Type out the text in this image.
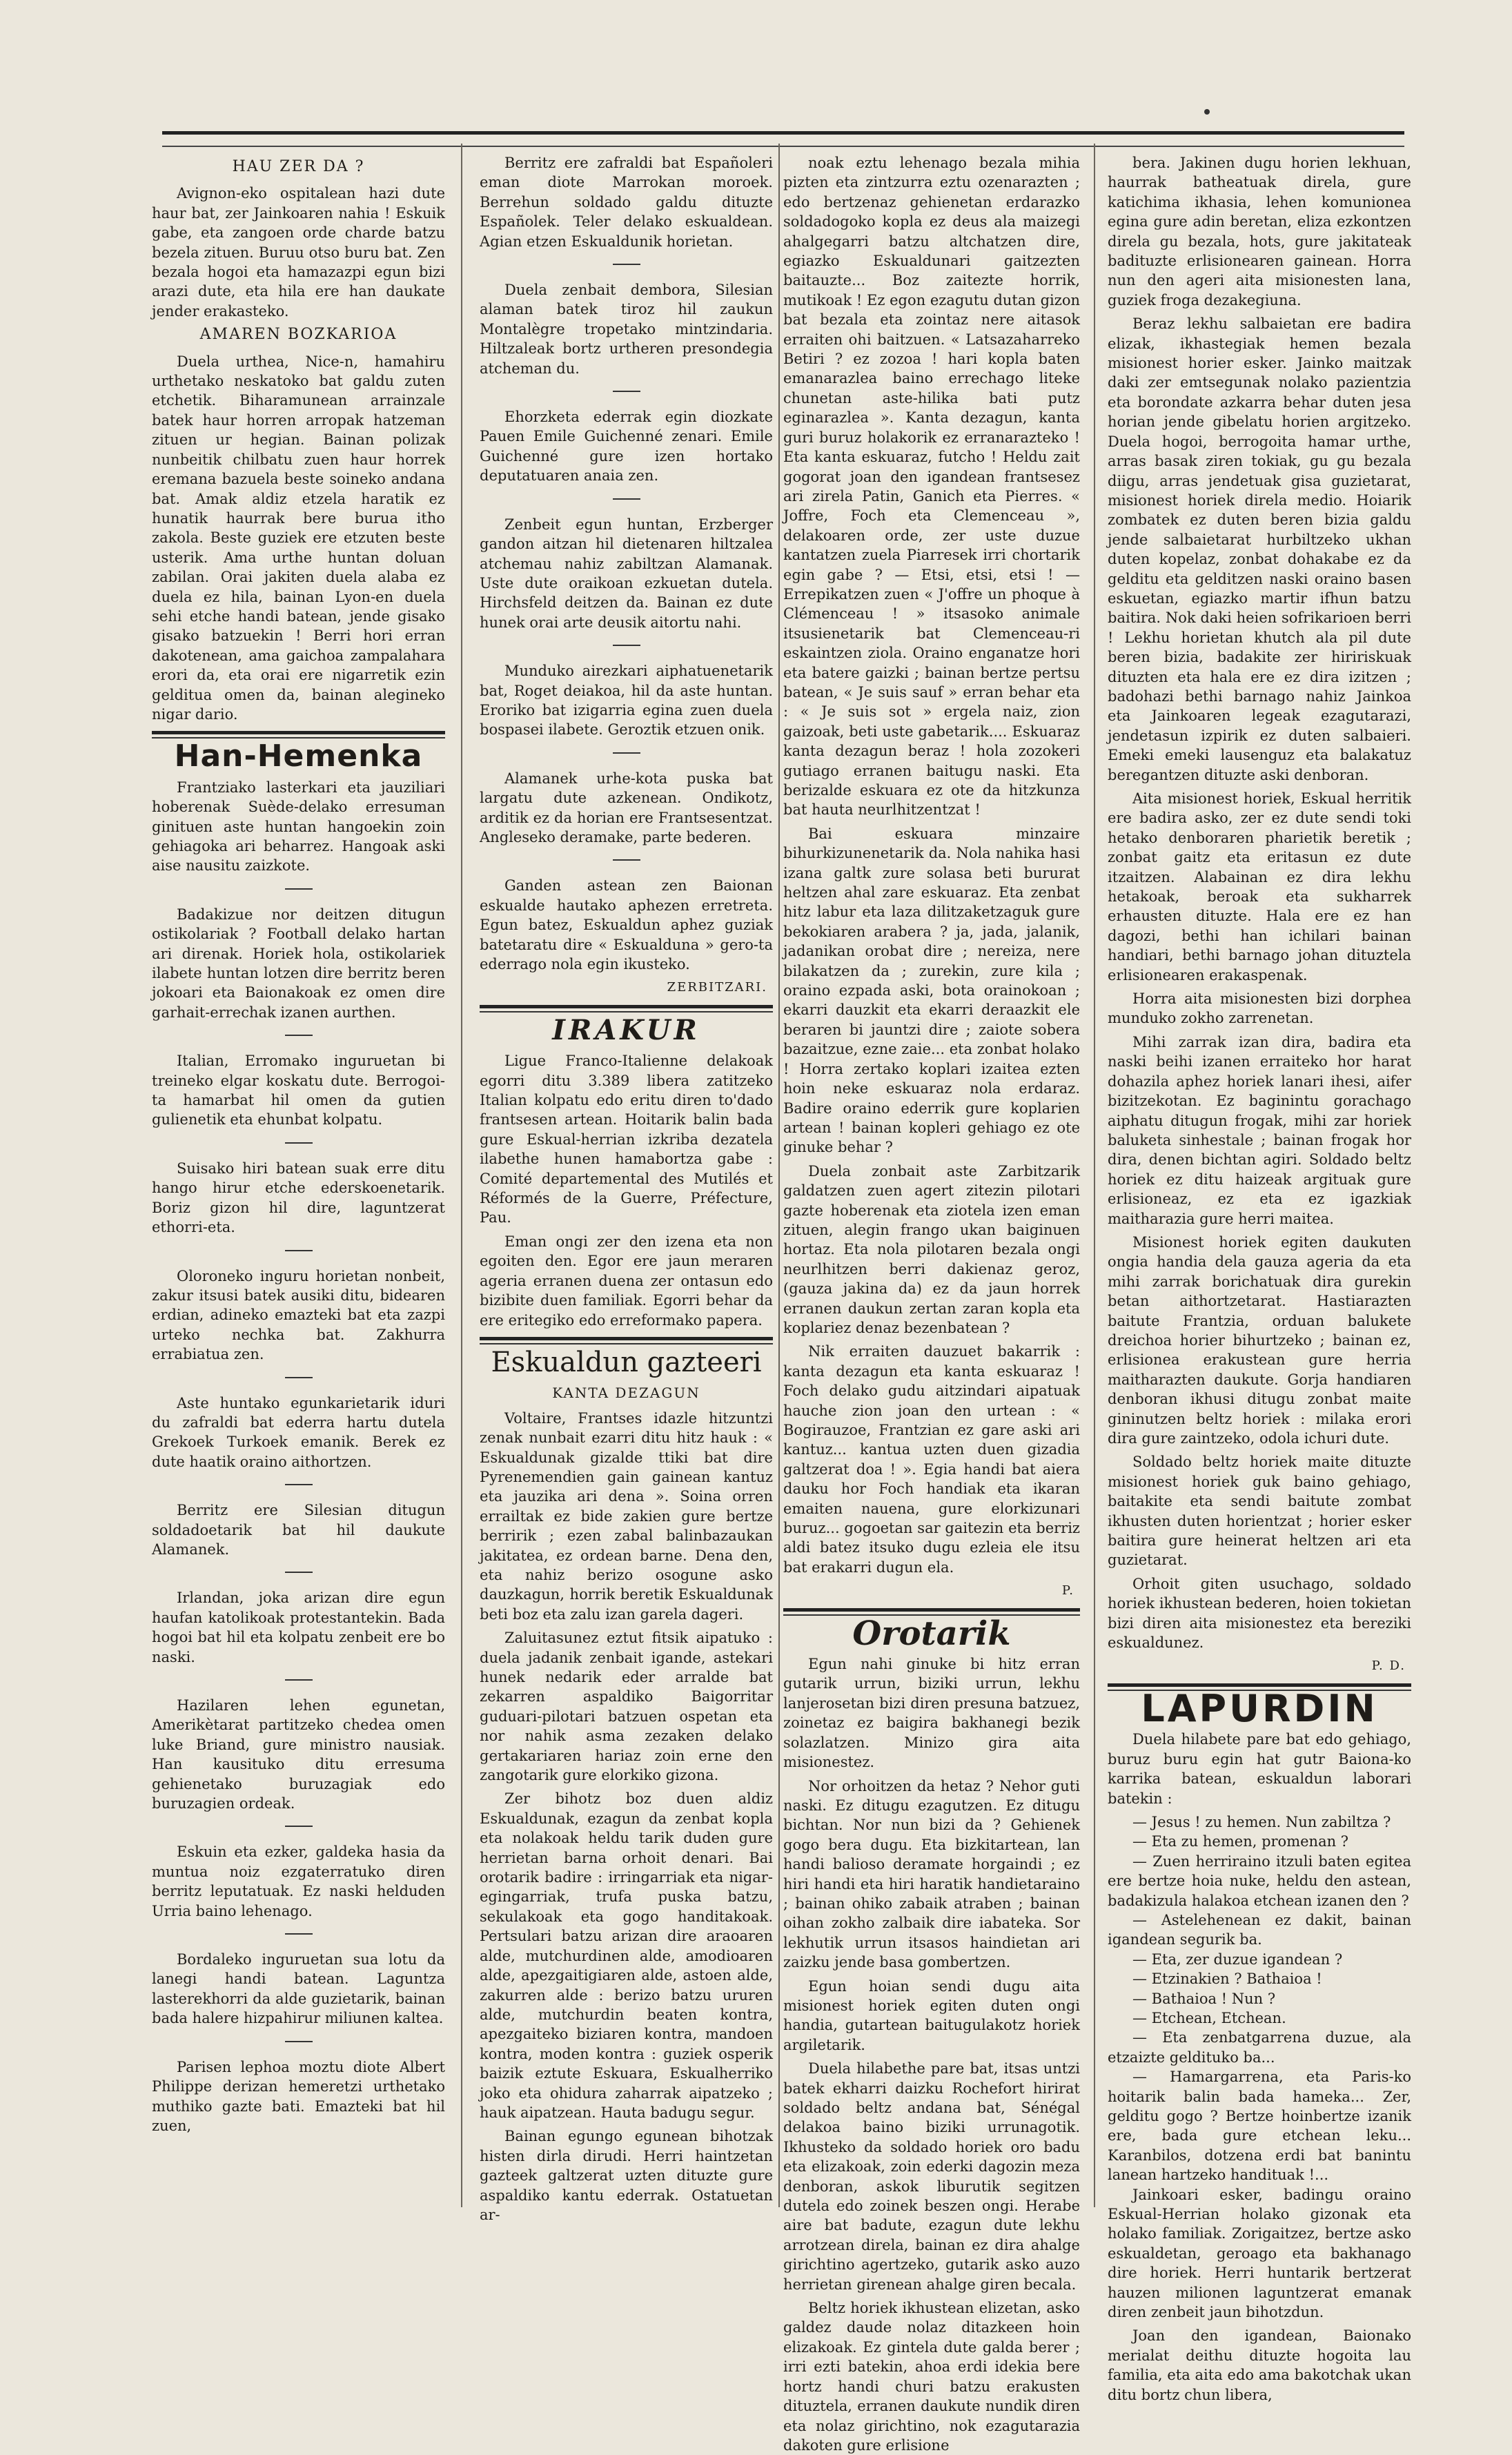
HAU ZER DA ?

Avignon-eko ospitalean hazi dute haur bat, zer Jainkoaren nahia ! Eskuik gabe, eta zangoen orde charde batzu bezela zituen. Buruu otso buru bat. Zen bezala hogoi eta hamazazpi egun bizi arazi dute, eta hila ere han daukate jender erakasteko.

AMAREN BOZKARIOA

Duela urthea, Nice-n, hamahiru urthetako neskatoko bat galdu zuten etchetik. Biharamunean arrainzale batek haur horren arropak hatzeman zituen ur hegian. Bainan polizak nunbeitik chilbatu zuen haur horrek eremana bazuela beste soineko andana bat. Amak aldiz etzela haratik ez hunatik haurrak bere burua itho zakola. Beste guziek ere etzuten beste usterik. Ama urthe huntan doluan zabilan. Orai jakiten duela alaba ez duela ez hila, bainan Lyon-en duela sehi etche handi batean, jende gisako gisako batzuekin ! Berri hori erran dakotenean, ama gaichoa zampalahara erori da, eta orai ere nigarretik ezin gelditua omen da, bainan alegineko nigar dario.

Han-Hemenka

Frantziako lasterkari eta jauziliari hoberenak Suède-delako erresuman ginituen aste huntan hangoekin zoin gehiagoka ari beharrez. Hangoak aski aise nausitu zaizkote.

Badakizue nor deitzen ditugun ostikolariak ? Football delako hartan ari direnak. Horiek hola, ostikolariek ilabete huntan lotzen dire berritz beren jokoari eta Baionakoak ez omen dire garhait-errechak izanen aurthen.

Italian, Erromako inguruetan bi treineko elgar koskatu dute. Berrogoi-ta hamarbat hil omen da gutien gulienetik eta ehunbat kolpatu.

Suisako hiri batean suak erre ditu hango hirur etche ederskoenetarik. Boriz gizon hil dire, laguntzerat ethorri-eta.

Oloroneko inguru horietan nonbeit, zakur itsusi batek ausiki ditu, bidearen erdian, adineko emazteki bat eta zazpi urteko nechka bat. Zakhurra errabiatua zen.

Aste huntako egunkarietarik iduri du zafraldi bat ederra hartu dutela Grekoek Turkoek emanik. Berek ez dute haatik oraino aithortzen.

Berritz ere Silesian ditugun soldadoetarik bat hil daukute Alamanek.

Irlandan, joka arizan dire egun haufan katolikoak protestantekin. Bada hogoi bat hil eta kolpatu zenbeit ere bo naski.

Hazilaren lehen egunetan, Amerikètarat partitzeko chedea omen luke Briand, gure ministro nausiak. Han kausituko ditu erresuma gehienetako buruzagiak edo buruzagien ordeak.

Eskuin eta ezker, galdeka hasia da muntua noiz ezgaterratuko diren berritz leputatuak. Ez naski helduden Urria baino lehenago.

Bordaleko inguruetan sua lotu da lanegi handi batean. Laguntza lasterekhorri da alde guzietarik, bainan bada halere hizpahirur miliunen kaltea.

Parisen lephoa moztu diote Albert Philippe derizan hemeretzi urthetako muthiko gazte bati. Emazteki bat hil zuen,

Berritz ere zafraldi bat Españoleri eman diote Marrokan moroek. Berrehun soldado galdu dituzte Españolek. Teler delako eskualdean. Agian etzen Eskualdunik horietan.

Duela zenbait dembora, Silesian alaman batek tiroz hil zaukun Montalègre tropetako mintzindaria. Hiltzaleak bortz urtheren presondegia atcheman du.

Ehorzketa ederrak egin diozkate Pauen Emile Guichenné zenari. Emile Guichenné gure izen hortako deputatuaren anaia zen.

Zenbeit egun huntan, Erzberger gandon aitzan hil dietenaren hiltzalea atchemau nahiz zabiltzan Alamanak. Uste dute oraikoan ezkuetan dutela. Hirchsfeld deitzen da. Bainan ez dute hunek orai arte deusik aitortu nahi.

Munduko airezkari aiphatuenetarik bat, Roget deiakoa, hil da aste huntan. Eroriko bat izigarria egina zuen duela bospasei ilabete. Geroztik etzuen onik.

Alamanek urhe-kota puska bat largatu dute azkenean. Ondikotz, arditik ez da horian ere Frantsesentzat. Angleseko deramake, parte bederen.

Ganden astean zen Baionan eskualde hautako aphezen erretreta. Egun batez, Eskualdun aphez guziak batetaratu dire « Eskualduna » gero-ta ederrago nola egin ikusteko.

ZERBITZARI.

IRAKUR

Ligue Franco-Italienne delakoak egorri ditu 3.389 libera zatitzeko Italian kolpatu edo eritu diren to'dado frantsesen artean. Hoitarik balin bada gure Eskual-herrian izkriba dezatela ilabethe hunen hamabortza gabe : Comité departemental des Mutilés et Réformés de la Guerre, Préfecture, Pau.

Eman ongi zer den izena eta non egoiten den. Egor ere jaun meraren ageria erranen duena zer ontasun edo bizibite duen familiak. Egorri behar da ere eritegiko edo erreformako papera.

Eskualdun gazteeri

KANTA DEZAGUN

Voltaire, Frantses idazle hitzuntzi zenak nunbait ezarri ditu hitz hauk : « Eskualdunak gizalde ttiki bat dire Pyrenemendien gain gainean kantuz eta jauzika ari dena ». Soina orren errailtak ez bide zakien gure bertze berririk ; ezen zabal balinbazaukan jakitatea, ez ordean barne. Dena den, eta nahiz berizo osogune asko dauzkagun, horrik beretik Eskualdunak beti boz eta zalu izan garela dageri.

Zaluitasunez eztut fitsik aipatuko : duela jadanik zenbait igande, astekari hunek nedarik eder arralde bat zekarren aspaldiko Baigorritar guduari-pilotari batzuen ospetan eta nor nahik asma zezaken delako gertakariaren hariaz zoin erne den zangotarik gure elorkiko gizona.

Zer bihotz boz duen aldiz Eskualdunak, ezagun da zenbat kopla eta nolakoak heldu tarik duden gure herrietan barna orhoit denari. Bai orotarik badire : irringarriak eta nigar-egingarriak, trufa puska batzu, sekulakoak eta gogo handitakoak. Pertsulari batzu arizan dire araoaren alde, mutchurdinen alde, amodioaren alde, apezgaitigiaren alde, astoen alde, zakurren alde : berizo batzu ururen alde, mutchurdin beaten kontra, apezgaiteko biziaren kontra, mandoen kontra, moden kontra : guziek osperik baizik eztute Eskuara, Eskualherriko joko eta ohidura zaharrak aipatzeko ; hauk aipatzean. Hauta badugu segur.

Bainan egungo egunean bihotzak histen dirla dirudi. Herri haintzetan gazteek galtzerat uzten dituzte gure aspaldiko kantu ederrak. Ostatuetan ar-

noak eztu lehenago bezala mihia pizten eta zintzurra eztu ozenarazten ; edo bertzenaz gehienetan erdarazko soldadogoko kopla ez deus ala maizegi ahalgegarri batzu altchatzen dire, egiazko Eskualdunari gaitzezten baitauzte... Boz zaitezte horrik, mutikoak ! Ez egon ezagutu dutan gizon bat bezala eta zointaz nere aitasok erraiten ohi baitzuen. « Latsazaharreko Betiri ? ez zozoa ! hari kopla baten emanarazlea baino errechago liteke chunetan aste-hilika bati putz eginarazlea ». Kanta dezagun, kanta guri buruz holakorik ez erranarazteko ! Eta kanta eskuaraz, futcho ! Heldu zait gogorat joan den igandean frantsesez ari zirela Patin, Ganich eta Pierres. « Joffre, Foch eta Clemenceau », delakoaren orde, zer uste duzue kantatzen zuela Piarresek irri chortarik egin gabe ? — Etsi, etsi, etsi ! — Errepikatzen zuen « J'offre un phoque à Clémenceau ! » itsasoko animale itsusienetarik bat Clemenceau-ri eskaintzen ziola. Oraino enganatze hori eta batere gaizki ; bainan bertze pertsu batean, « Je suis sauf » erran behar eta : « Je suis sot » ergela naiz, zion gaizoak, beti uste gabetarik.... Eskuaraz kanta dezagun beraz ! hola zozokeri gutiago erranen baitugu naski. Eta berizalde eskuara ez ote da hitzkunza bat hauta neurlhitzentzat !

Bai eskuara minzaire bihurkizunenetarik da. Nola nahika hasi izana galtk zure solasa beti bururat heltzen ahal zare eskuaraz. Eta zenbat hitz labur eta laza dilitzaketzaguk gure bekokiaren arabera ? ja, jada, jalanik, jadanikan orobat dire ; nereiza, nere bilakatzen da ; zurekin, zure kila ; oraino ezpada aski, bota orainokoan ; ekarri dauzkit eta ekarri deraazkit ele beraren bi jauntzi dire ; zaiote sobera bazaitzue, ezne zaie... eta zonbat holako ! Horra zertako koplari izaitea ezten hoin neke eskuaraz nola erdaraz. Badire oraino ederrik gure koplarien artean ! bainan kopleri gehiago ez ote ginuke behar ?

Duela zonbait aste Zarbitzarik galdatzen zuen agert zitezin pilotari gazte hoberenak eta ziotela izen eman zituen, alegin frango ukan baiginuen hortaz. Eta nola pilotaren bezala ongi neurlhitzen berri dakienaz geroz, (gauza jakina da) ez da jaun horrek erranen daukun zertan zaran kopla eta koplariez denaz bezenbatean ?

Nik erraiten dauzuet bakarrik : kanta dezagun eta kanta eskuaraz ! Foch delako gudu aitzindari aipatuak hauche zion joan den urtean : « Bogirauzoe, Frantzian ez gare aski ari kantuz... kantua uzten duen gizadia galtzerat doa ! ». Egia handi bat aiera dauku hor Foch handiak eta ikaran emaiten nauena, gure elorkizunari buruz... gogoetan sar gaitezin eta berriz aldi batez itsuko dugu ezleia ele itsu bat erakarri dugun ela.

P.

Orotarik

Egun nahi ginuke bi hitz erran gutarik urrun, biziki urrun, lekhu lanjerosetan bizi diren presuna batzuez, zoinetaz ez baigira bakhanegi bezik solazlatzen. Minizo gira aita misionestez.

Nor orhoitzen da hetaz ? Nehor guti naski. Ez ditugu ezagutzen. Ez ditugu bichtan. Nor nun bizi da ? Gehienek gogo bera dugu. Eta bizkitartean, lan handi balioso deramate horgaindi ; ez hiri handi eta hiri haratik handietaraino ; bainan ohiko zabaik atraben ; bainan oihan zokho zalbaik dire iabateka. Sor lekhutik urrun itsasos haindietan ari zaizku jende basa gombertzen.

Egun hoian sendi dugu aita misionest horiek egiten duten ongi handia, gutartean baitugulakotz horiek argiletarik.

Duela hilabethe pare bat, itsas untzi batek ekharri daizku Rochefort hirirat soldado beltz andana bat, Sénégal delakoa baino biziki urrunagotik. Ikhusteko da soldado horiek oro badu eta elizakoak, zoin ederki dagozin meza denboran, askok liburutik segitzen dutela edo zoinek beszen ongi. Herabe aire bat badute, ezagun dute lekhu arrotzean direla, bainan ez dira ahalge girichtino agertzeko, gutarik asko auzo herrietan girenean ahalge giren becala.

Beltz horiek ikhustean elizetan, asko galdez daude nolaz ditazkeen hoin elizakoak. Ez gintela dute galda berer ; irri ezti batekin, ahoa erdi idekia bere hortz handi churi batzu erakusten dituztela, erranen daukute nundik diren eta nolaz girichtino, nok ezagutarazia dakoten gure erlisione

bera. Jakinen dugu horien lekhuan, haurrak batheatuak direla, gure katichima ikhasia, lehen komunionea egina gure adin beretan, eliza ezkontzen direla gu bezala, hots, gure jakitateak badituzte erlisionearen gainean. Horra nun den ageri aita misionesten lana, guziek froga dezakegiuna.

Beraz lekhu salbaietan ere badira elizak, ikhastegiak hemen bezala misionest horier esker. Jainko maitzak daki zer emtsegunak nolako pazientzia eta borondate azkarra behar duten jesa horian jende gibelatu horien argitzeko. Duela hogoi, berrogoita hamar urthe, arras basak ziren tokiak, gu gu bezala diigu, arras jendetuak gisa guzietarat, misionest horiek direla medio. Hoiarik zombatek ez duten beren bizia galdu jende salbaietarat hurbiltzeko ukhan duten kopelaz, zonbat dohakabe ez da gelditu eta gelditzen naski oraino basen eskuetan, egiazko martir ifhun batzu baitira. Nok daki heien sofrikarioen berri ! Lekhu horietan khutch ala pil dute beren bizia, badakite zer hiririskuak dituzten eta hala ere ez dira izitzen ; badohazi bethi barnago nahiz Jainkoa eta Jainkoaren legeak ezagutarazi, jendetasun izpirik ez duten salbaieri. Emeki emeki lausenguz eta balakatuz beregantzen dituzte aski denboran.

Aita misionest horiek, Eskual herritik ere badira asko, zer ez dute sendi toki hetako denboraren pharietik beretik ; zonbat gaitz eta eritasun ez dute itzaitzen. Alabainan ez dira lekhu hetakoak, beroak eta sukharrek erhausten dituzte. Hala ere ez han dagozi, bethi han ichilari bainan handiari, bethi barnago johan dituztela erlisionearen erakaspenak.

Horra aita misionesten bizi dorphea munduko zokho zarrenetan.

Mihi zarrak izan dira, badira eta naski beihi izanen erraiteko hor harat dohazila aphez horiek lanari ihesi, aifer bizitzekotan. Ez baginintu gorachago aiphatu ditugun frogak, mihi zar horiek baluketa sinhestale ; bainan frogak hor dira, denen bichtan agiri. Soldado beltz horiek ez ditu haizeak argituak gure erlisioneaz, ez eta ez igazkiak maitharazia gure herri maitea.

Misionest horiek egiten daukuten ongia handia dela gauza ageria da eta mihi zarrak borichatuak dira gurekin betan aithortzetarat. Hastiarazten baitute Frantzia, orduan balukete dreichoa horier bihurtzeko ; bainan ez, erlisionea erakustean gure herria maitharazten daukute. Gorja handiaren denboran ikhusi ditugu zonbat maite gininutzen beltz horiek : milaka erori dira gure zaintzeko, odola ichuri dute.

Soldado beltz horiek maite dituzte misionest horiek guk baino gehiago, baitakite eta sendi baitute zombat ikhusten duten horientzat ; horier esker baitira gure heinerat heltzen ari eta guzietarat.

Orhoit giten usuchago, soldado horiek ikhustean bederen, hoien tokietan bizi diren aita misionestez eta bereziki eskualdunez.

P. D.

LAPURDIN

Duela hilabete pare bat edo gehiago, buruz buru egin hat gutr Baiona-ko karrika batean, eskualdun laborari batekin :

— Jesus ! zu hemen. Nun zabiltza ?

— Eta zu hemen, promenan ?

— Zuen herriraino itzuli baten egitea ere bertze hoia nuke, heldu den astean, badakizula halakoa etchean izanen den ?

— Astelehenean ez dakit, bainan igandean segurik ba.

— Eta, zer duzue igandean ?

— Etzinakien ? Bathaioa !

— Bathaioa ! Nun ?

— Etchean, Etchean.

— Eta zenbatgarrena duzue, ala etzaizte geldituko ba...

— Hamargarrena, eta Paris-ko hoitarik balin bada hameka... Zer, gelditu gogo ? Bertze hoinbertze izanik ere, bada gure etchean leku... Karanbilos, dotzena erdi bat banintu lanean hartzeko handituak !...

Jainkoari esker, badingu oraino Eskual-Herrian holako gizonak eta holako familiak. Zorigaitzez, bertze asko eskualdetan, geroago eta bakhanago dire horiek. Herri huntarik bertzerat hauzen milionen laguntzerat emanak diren zenbeit jaun bihotzdun.

Joan den igandean, Baionako merialat deithu dituzte hogoita lau familia, eta aita edo ama bakotchak ukan ditu bortz chun libera,
